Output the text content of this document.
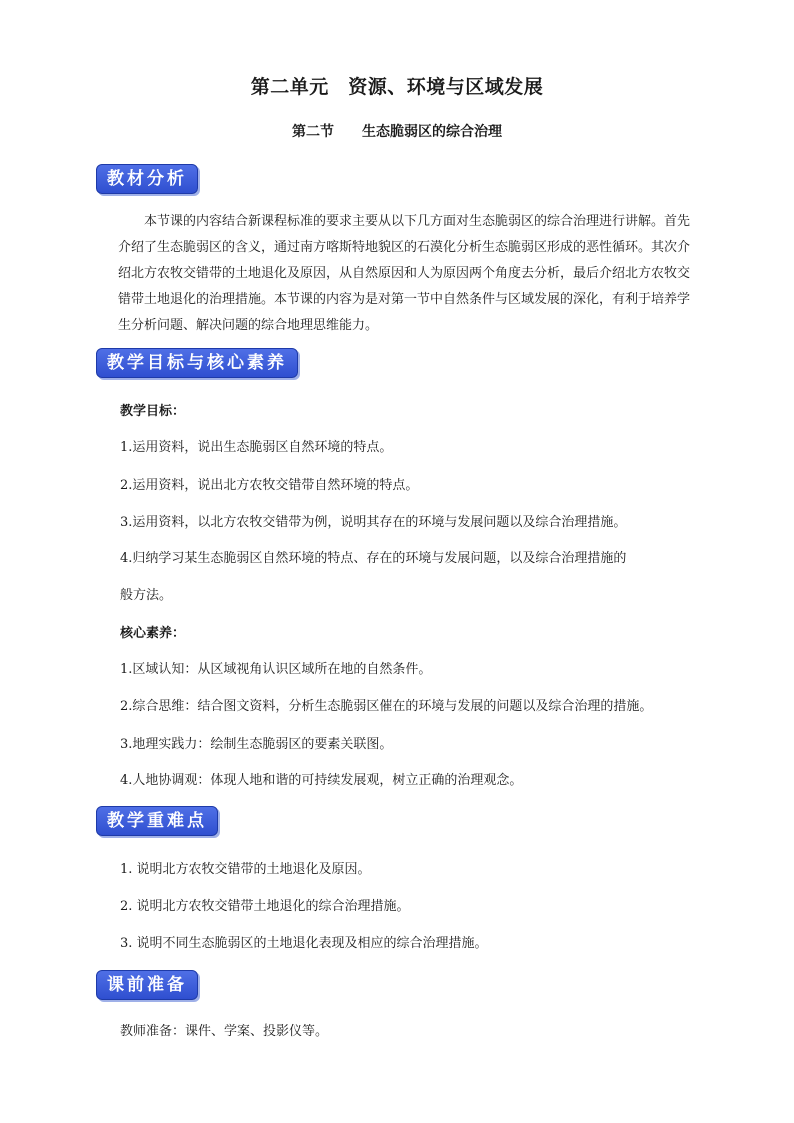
第二单元　资源、环境与区域发展
第二节　　生态脆弱区的综合治理
教材分析
本节课的内容结合新课程标准的要求主要从以下几方面对生态脆弱区的综合治理进行讲解。首先介绍了生态脆弱区的含义，通过南方喀斯特地貌区的石漠化分析生态脆弱区形成的恶性循环。其次介绍北方农牧交错带的土地退化及原因，从自然原因和人为原因两个角度去分析，最后介绍北方农牧交错带土地退化的治理措施。本节课的内容为是对第一节中自然条件与区域发展的深化，有利于培养学生分析问题、解决问题的综合地理思维能力。
教学目标与核心素养
教学目标：
1.运用资料，说出生态脆弱区自然环境的特点。
2.运用资料，说出北方农牧交错带自然环境的特点。
3.运用资料，以北方农牧交错带为例，说明其存在的环境与发展问题以及综合治理措施。
4.归纳学习某生态脆弱区自然环境的特点、存在的环境与发展问题，以及综合治理措施的
般方法。
核心素养：
1.区域认知：从区域视角认识区域所在地的自然条件。
2.综合思维：结合图文资料，分析生态脆弱区催在的环境与发展的问题以及综合治理的措施。
3.地理实践力：绘制生态脆弱区的要素关联图。
4.人地协调观：体现人地和谐的可持续发展观，树立正确的治理观念。
教学重难点
1. 说明北方农牧交错带的土地退化及原因。
2. 说明北方农牧交错带土地退化的综合治理措施。
3. 说明不同生态脆弱区的土地退化表现及相应的综合治理措施。
课前准备
教师准备：课件、学案、投影仪等。
